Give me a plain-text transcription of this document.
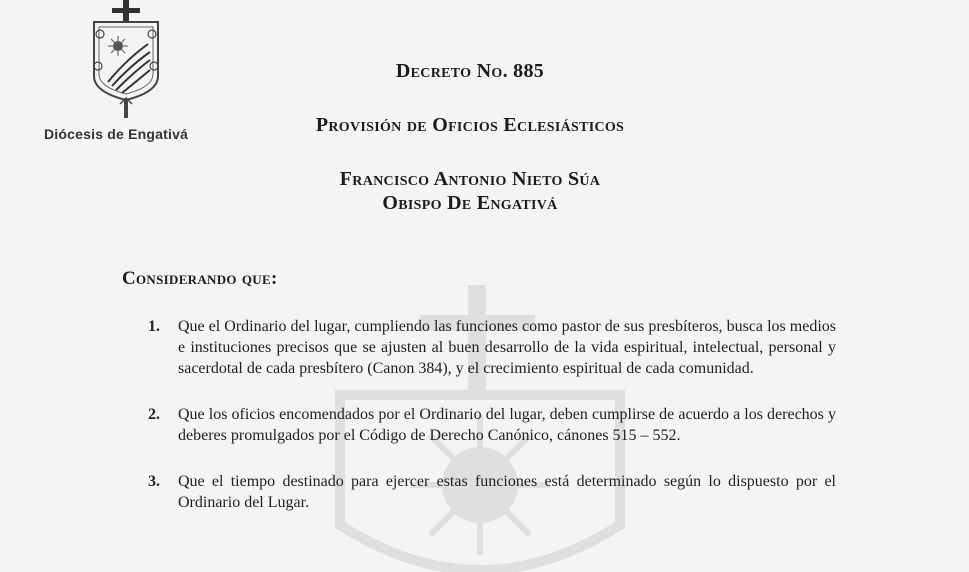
Diócesis de Engativá
Decreto No. 885
Provisión de Oficios Eclesiásticos
Francisco Antonio Nieto Súa
Obispo De Engativá
Considerando que:
1.	Que el Ordinario del lugar, cumpliendo las funciones como pastor de sus presbíteros, busca los medios e instituciones precisos que se ajusten al buen desarrollo de la vida espiritual, intelectual, personal y sacerdotal de cada presbítero (Canon 384), y el crecimiento espiritual de cada comunidad.
2.	Que los oficios encomendados por el Ordinario del lugar, deben cumplirse de acuerdo a los derechos y deberes promulgados por el Código de Derecho Canónico, cánones 515 – 552.
3.	Que el tiempo destinado para ejercer estas funciones está determinado según lo dispuesto por el Ordinario del Lugar.
